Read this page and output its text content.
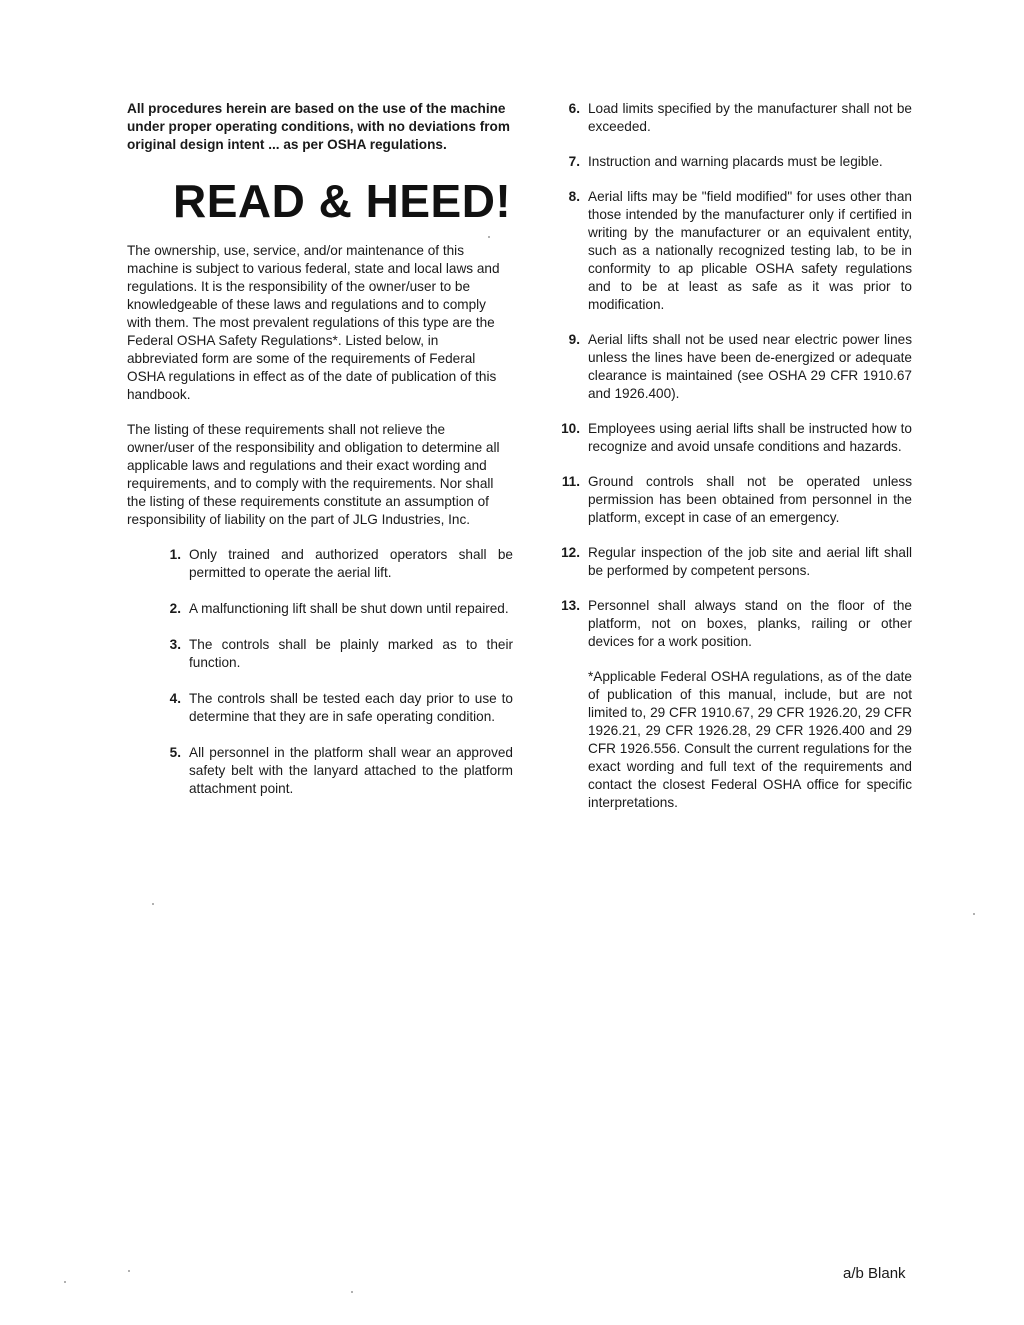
All procedures herein are based on the use of the machine under proper operating conditions, with no deviations from original design intent ... as per OSHA regulations.

READ & HEED!

The ownership, use, service, and/or maintenance of this machine is subject to various federal, state and local laws and regulations. It is the responsibility of the owner/user to be knowledgeable of these laws and regulations and to comply with them. The most prevalent regulations of this type are the Federal OSHA Safety Regulations*. Listed below, in abbreviated form are some of the requirements of Federal OSHA regulations in effect as of the date of publication of this handbook.

The listing of these requirements shall not relieve the owner/user of the responsibility and obligation to determine all applicable laws and regulations and their exact wording and requirements, and to comply with the requirements. Nor shall the listing of these requirements constitute an assumption of responsibility of liability on the part of JLG Industries, Inc.

1. Only trained and authorized operators shall be permitted to operate the aerial lift.
2. A malfunctioning lift shall be shut down until repaired.
3. The controls shall be plainly marked as to their function.
4. The controls shall be tested each day prior to use to determine that they are in safe operating condition.
5. All personnel in the platform shall wear an approved safety belt with the lanyard attached to the platform attachment point.
6. Load limits specified by the manufacturer shall not be exceeded.
7. Instruction and warning placards must be legible.
8. Aerial lifts may be "field modified" for uses other than those intended by the manufacturer only if certified in writing by the manufacturer or an equivalent entity, such as a nationally recognized testing lab, to be in conformity to ap plicable OSHA safety regulations and to be at least as safe as it was prior to modification.
9. Aerial lifts shall not be used near electric power lines unless the lines have been de-energized or adequate clearance is maintained (see OSHA 29 CFR 1910.67 and 1926.400).
10. Employees using aerial lifts shall be instructed how to recognize and avoid unsafe conditions and hazards.
11. Ground controls shall not be operated unless permission has been obtained from personnel in the platform, except in case of an emergency.
12. Regular inspection of the job site and aerial lift shall be performed by competent persons.
13. Personnel shall always stand on the floor of the platform, not on boxes, planks, railing or other devices for a work position.

*Applicable Federal OSHA regulations, as of the date of publication of this manual, include, but are not limited to, 29 CFR 1910.67, 29 CFR 1926.20, 29 CFR 1926.21, 29 CFR 1926.28, 29 CFR 1926.400 and 29 CFR 1926.556. Consult the current regulations for the exact wording and full text of the requirements and contact the closest Federal OSHA office for specific interpretations.

a/b Blank
